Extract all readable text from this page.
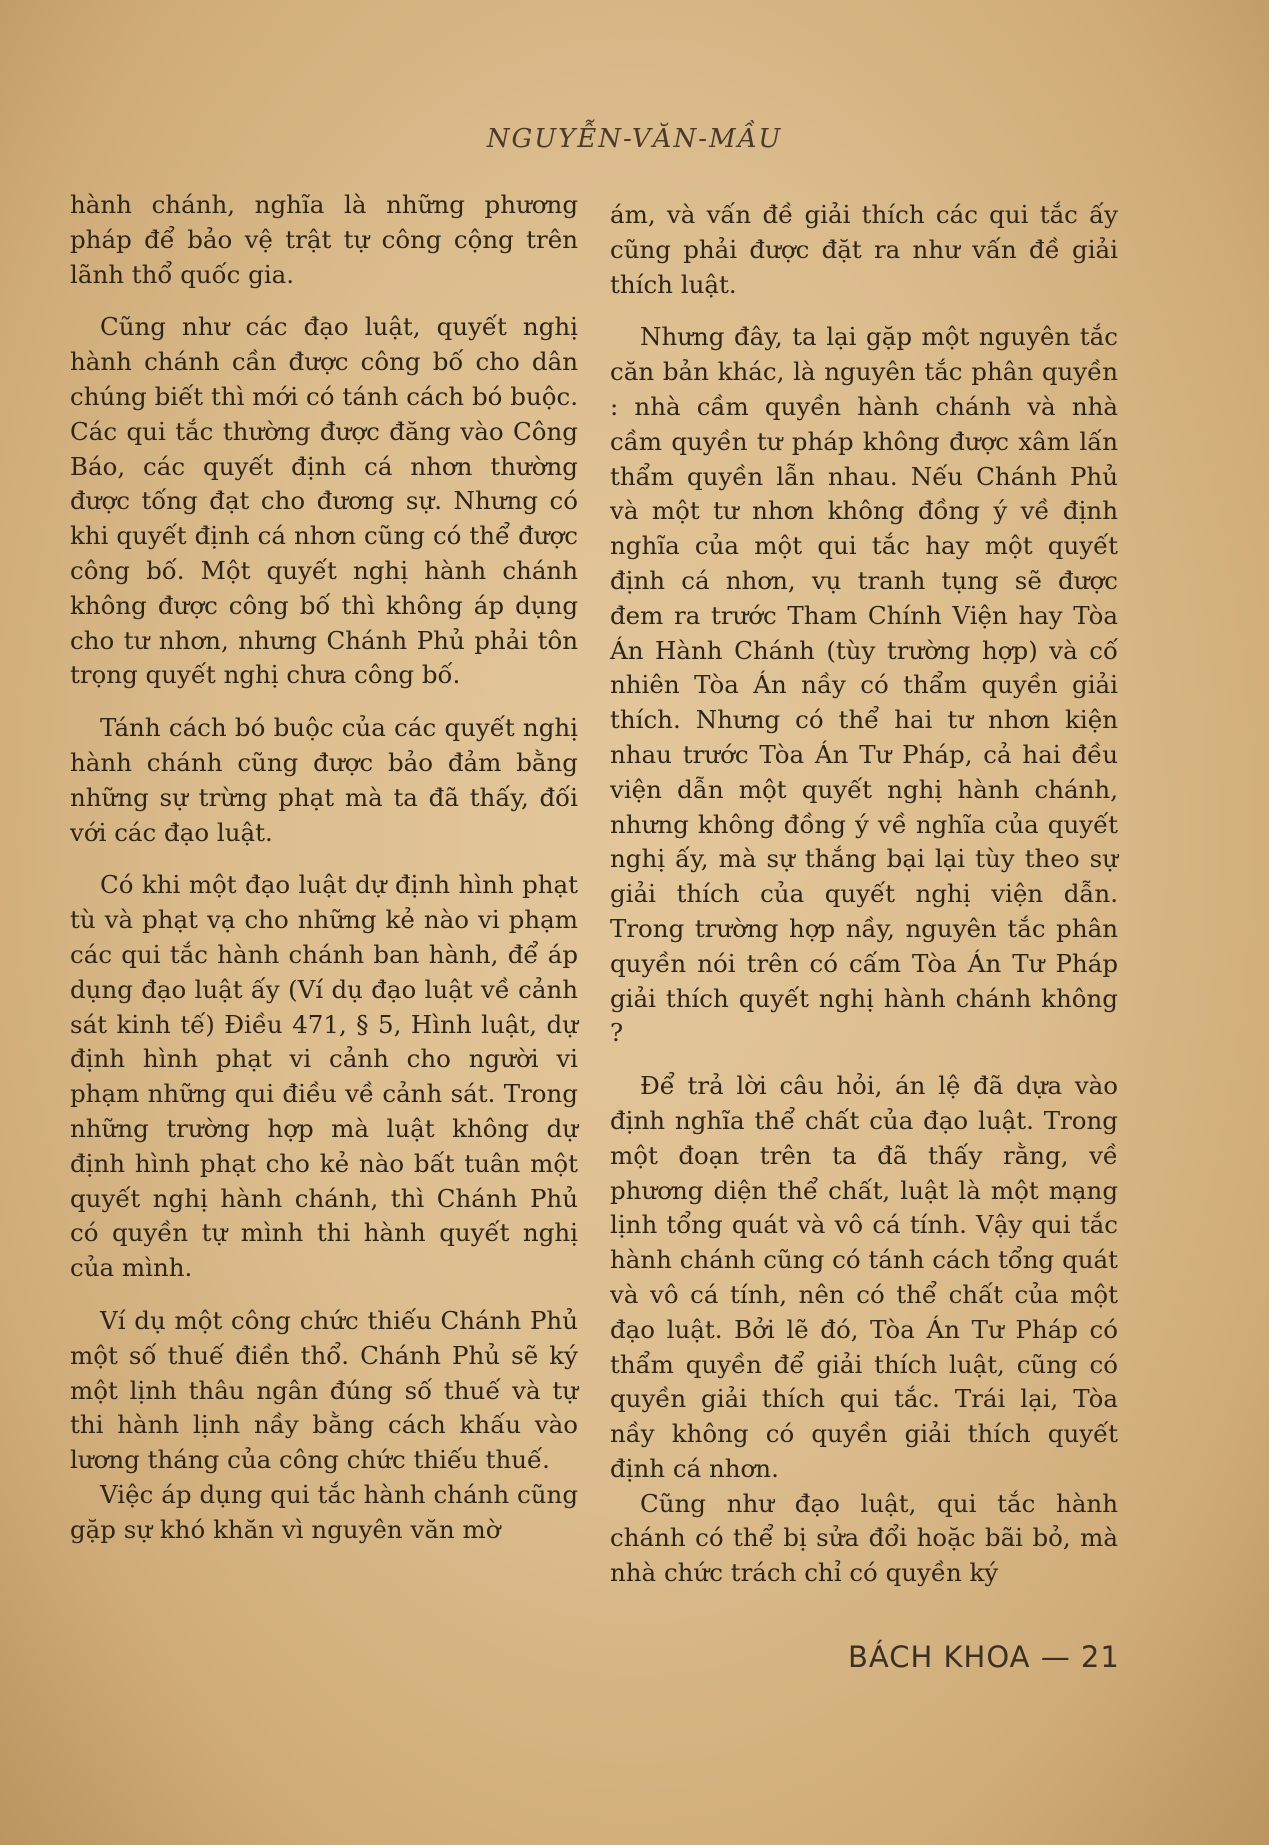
NGUYỄN-VĂN-MẦU

hành chánh, nghĩa là những phương pháp để bảo vệ trật tự công cộng trên lãnh thổ quốc gia.

Cũng như các đạo luật, quyết nghị hành chánh cần được công bố cho dân chúng biết thì mới có tánh cách bó buộc. Các qui tắc thường được đăng vào Công Báo, các quyết định cá nhơn thường được tống đạt cho đương sự. Nhưng có khi quyết định cá nhơn cũng có thể được công bố. Một quyết nghị hành chánh không được công bố thì không áp dụng cho tư nhơn, nhưng Chánh Phủ phải tôn trọng quyết nghị chưa công bố.

Tánh cách bó buộc của các quyết nghị hành chánh cũng được bảo đảm bằng những sự trừng phạt mà ta đã thấy, đối với các đạo luật.

Có khi một đạo luật dự định hình phạt tù và phạt vạ cho những kẻ nào vi phạm các qui tắc hành chánh ban hành, để áp dụng đạo luật ấy (Ví dụ đạo luật về cảnh sát kinh tế) Điều 471, § 5, Hình luật, dự định hình phạt vi cảnh cho người vi phạm những qui điều về cảnh sát. Trong những trường hợp mà luật không dự định hình phạt cho kẻ nào bất tuân một quyết nghị hành chánh, thì Chánh Phủ có quyền tự mình thi hành quyết nghị của mình.

Ví dụ một công chức thiếu Chánh Phủ một số thuế điền thổ. Chánh Phủ sẽ ký một lịnh thâu ngân đúng số thuế và tự thi hành lịnh nầy bằng cách khấu vào lương tháng của công chức thiếu thuế.

Việc áp dụng qui tắc hành chánh cũng gặp sự khó khăn vì nguyên văn mờ

ám, và vấn đề giải thích các qui tắc ấy cũng phải được đặt ra như vấn đề giải thích luật.

Nhưng đây, ta lại gặp một nguyên tắc căn bản khác, là nguyên tắc phân quyền : nhà cầm quyền hành chánh và nhà cầm quyền tư pháp không được xâm lấn thẩm quyền lẫn nhau. Nếu Chánh Phủ và một tư nhơn không đồng ý về định nghĩa của một qui tắc hay một quyết định cá nhơn, vụ tranh tụng sẽ được đem ra trước Tham Chính Viện hay Tòa Án Hành Chánh (tùy trường hợp) và cố nhiên Tòa Án nầy có thẩm quyền giải thích. Nhưng có thể hai tư nhơn kiện nhau trước Tòa Án Tư Pháp, cả hai đều viện dẫn một quyết nghị hành chánh, nhưng không đồng ý về nghĩa của quyết nghị ấy, mà sự thắng bại lại tùy theo sự giải thích của quyết nghị viện dẫn. Trong trường hợp nầy, nguyên tắc phân quyền nói trên có cấm Tòa Án Tư Pháp giải thích quyết nghị hành chánh không ?

Để trả lời câu hỏi, án lệ đã dựa vào định nghĩa thể chất của đạo luật. Trong một đoạn trên ta đã thấy rằng, về phương diện thể chất, luật là một mạng lịnh tổng quát và vô cá tính. Vậy qui tắc hành chánh cũng có tánh cách tổng quát và vô cá tính, nên có thể chất của một đạo luật. Bởi lẽ đó, Tòa Án Tư Pháp có thẩm quyền để giải thích luật, cũng có quyền giải thích qui tắc. Trái lại, Tòa nầy không có quyền giải thích quyết định cá nhơn.

Cũng như đạo luật, qui tắc hành chánh có thể bị sửa đổi hoặc bãi bỏ, mà nhà chức trách chỉ có quyền ký

BÁCH KHOA — 21
